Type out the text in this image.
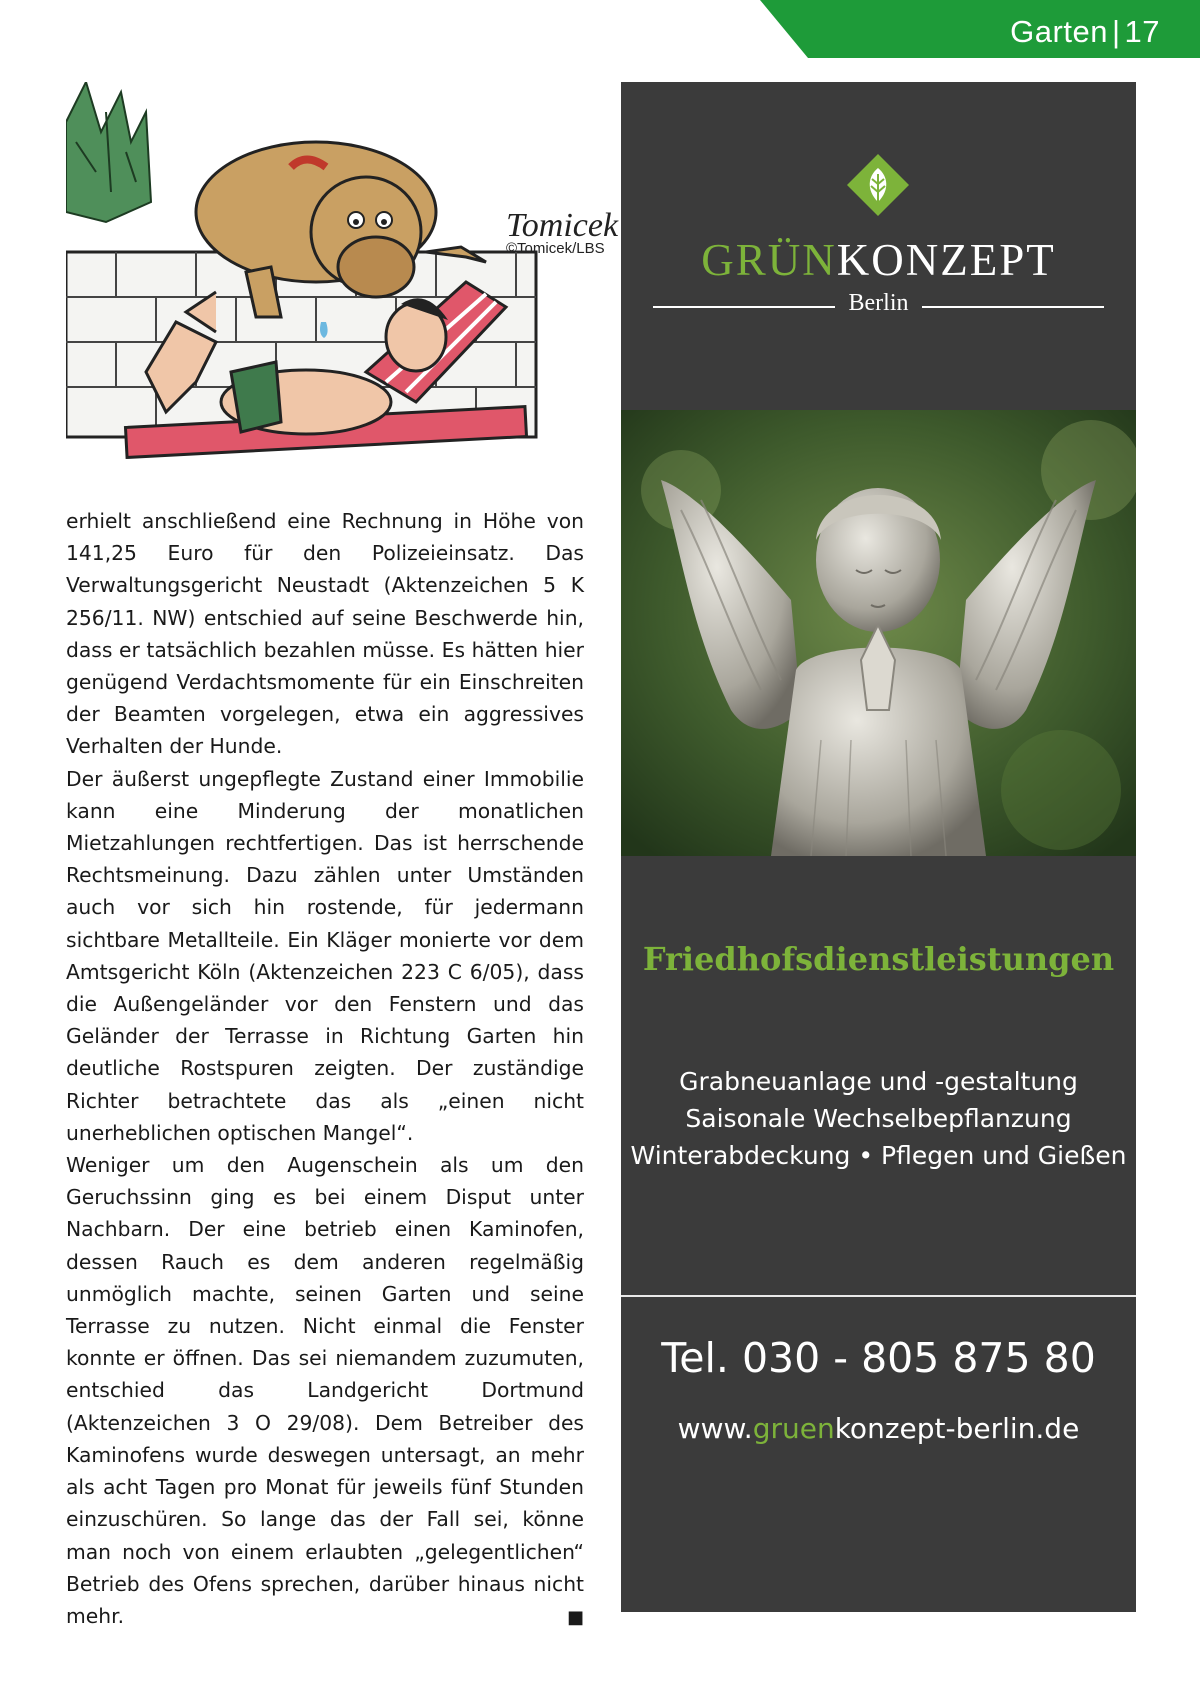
Garten | 17
Tomicek
©Tomicek/LBS

erhielt anschließend eine Rechnung in Höhe von 141,25 Euro für den Polizeieinsatz. Das Verwaltungsgericht Neustadt (Aktenzeichen 5 K 256/11. NW) entschied auf seine Beschwerde hin, dass er tatsächlich bezahlen müsse. Es hätten hier genügend Verdachtsmomente für ein Einschreiten der Beamten vorgelegen, etwa ein aggressives Verhalten der Hunde.

Der äußerst ungepflegte Zustand einer Immobilie kann eine Minderung der monatlichen Mietzahlungen rechtfertigen. Das ist herrschende Rechtsmeinung. Dazu zählen unter Umständen auch vor sich hin rostende, für jedermann sichtbare Metallteile. Ein Kläger monierte vor dem Amtsgericht Köln (Aktenzeichen 223 C 6/05), dass die Außengeländer vor den Fenstern und das Geländer der Terrasse in Richtung Garten hin deutliche Rostspuren zeigten. Der zuständige Richter betrachtete das als „einen nicht unerheblichen optischen Mangel“.

Weniger um den Augenschein als um den Geruchssinn ging es bei einem Disput unter Nachbarn. Der eine betrieb einen Kaminofen, dessen Rauch es dem anderen regelmäßig unmöglich machte, seinen Garten und seine Terrasse zu nutzen. Nicht einmal die Fenster konnte er öffnen. Das sei niemandem zuzumuten, entschied das Landgericht Dortmund (Aktenzeichen 3 O 29/08). Dem Betreiber des Kaminofens wurde deswegen untersagt, an mehr als acht Tagen pro Monat für jeweils fünf Stunden einzuschüren. So lange das der Fall sei, könne man noch von einem erlaubten „gelegentlichen“ Betrieb des Ofens sprechen, darüber hinaus nicht mehr.	■

GRÜNKONZEPT
Berlin
Friedhofsdienstleistungen
Grabneuanlage und -gestaltung
Saisonale Wechselbepflanzung
Winterabdeckung • Pflegen und Gießen
Tel. 030 - 805 875 80
www.gruenkonzept-berlin.de
